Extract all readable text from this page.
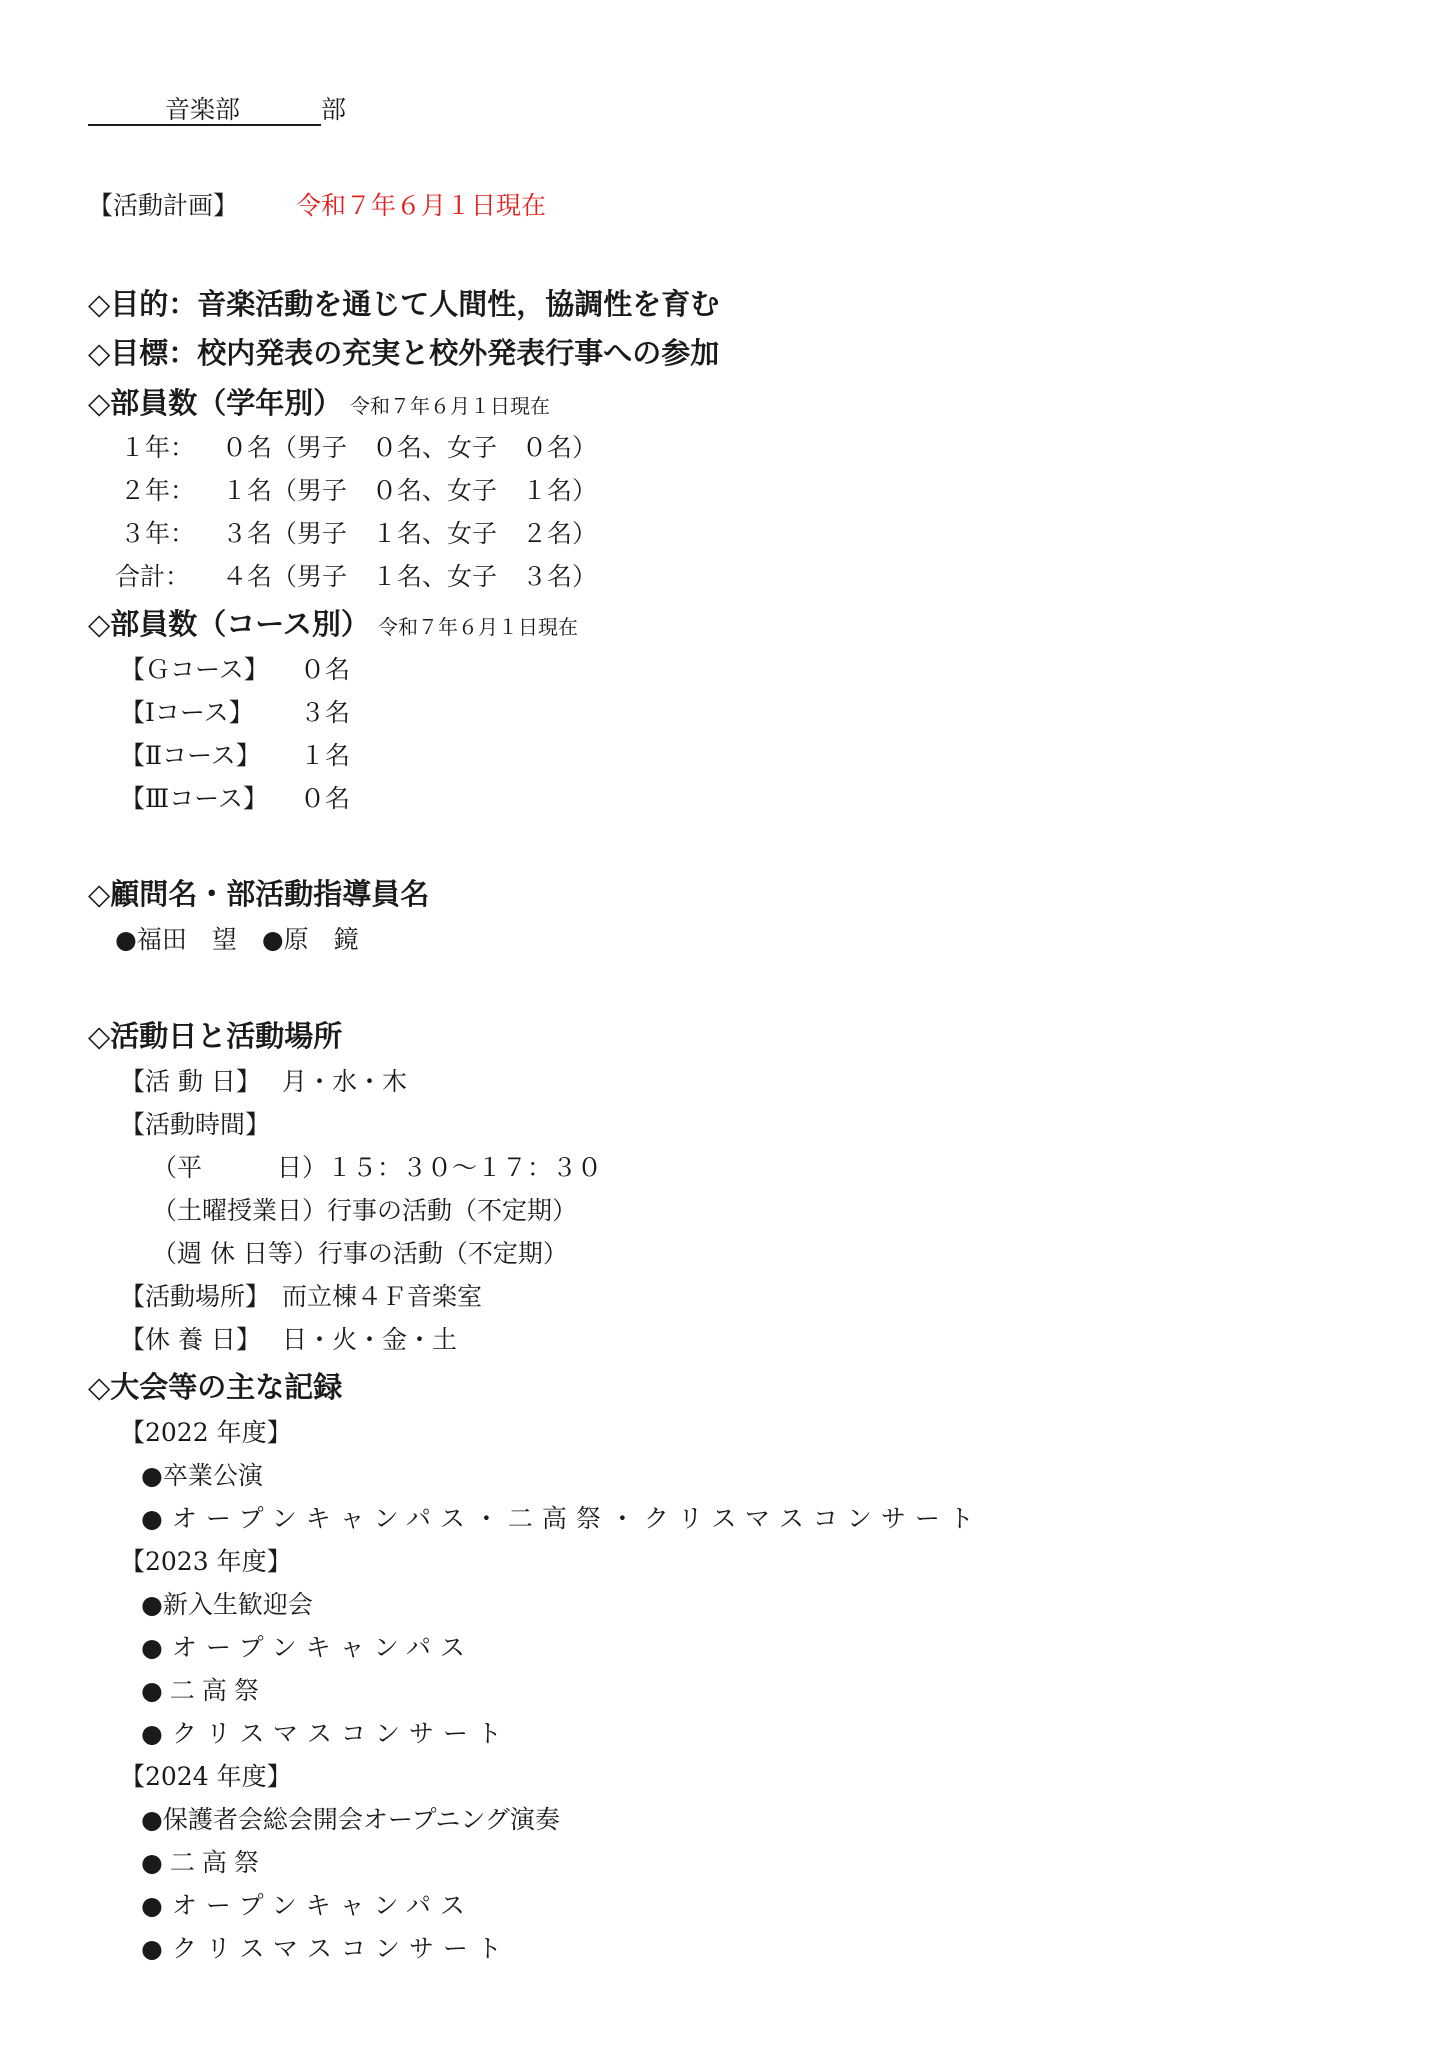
音楽部	部
【活動計画】 令和７年６月１日現在
◇目的：音楽活動を通じて人間性，協調性を育む
◇目標：校内発表の充実と校外発表行事への参加
◇部員数（学年別） 令和７年６月１日現在
１年： ０名（男子　０名、女子　０名）
２年： １名（男子　０名、女子　１名）
３年： ３名（男子　１名、女子　２名）
合計： ４名（男子　１名、女子　３名）
◇部員数（コース別） 令和７年６月１日現在
【Ｇコース】 ０名
【Ⅰコース】 ３名
【Ⅱコース】 １名
【Ⅲコース】 ０名
◇顧問名・部活動指導員名
●福田　望　●原　鏡
◇活動日と活動場所
【活 動 日】 月・水・木
【活動時間】
（平　　　日）１５：３０～１７：３０
（土曜授業日）行事の活動（不定期）
（週 休 日等）行事の活動（不定期）
【活動場所】 而立棟４Ｆ音楽室
【休 養 日】 日・火・金・土
◇大会等の主な記録
【2022 年度】
●卒業公演
●オープンキャンパス・二高祭・クリスマスコンサート
【2023 年度】
●新入生歓迎会
●オープンキャンパス
●二高祭
●クリスマスコンサート
【2024 年度】
●保護者会総会開会オープニング演奏
●二高祭
●オープンキャンパス
●クリスマスコンサート
